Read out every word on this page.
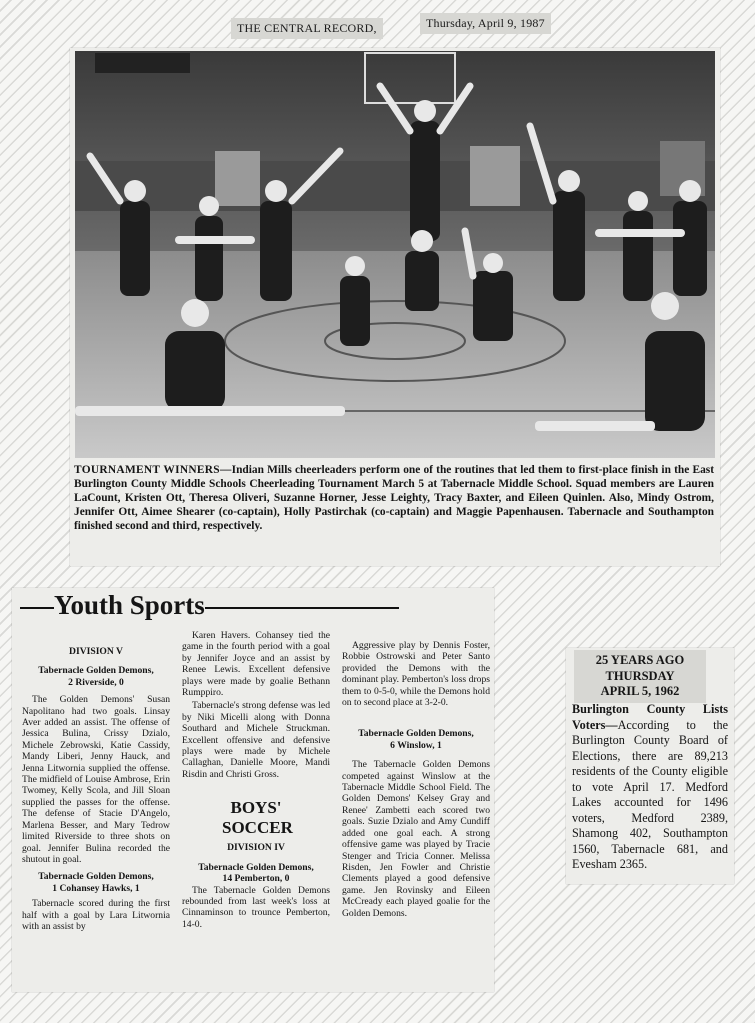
THE CENTRAL RECORD,	Thursday, April 9, 1987
TOURNAMENT WINNERS—Indian Mills cheerleaders perform one of the routines that led them to first-place finish in the East Burlington County Middle Schools Cheerleading Tournament March 5 at Tabernacle Middle School. Squad members are Lauren LaCount, Kristen Ott, Theresa Oliveri, Suzanne Horner, Jesse Leighty, Tracy Baxter, and Eileen Quinlen. Also, Mindy Ostrom, Jennifer Ott, Aimee Shearer (co-captain), Holly Pastirchak (co-captain) and Maggie Papenhausen. Tabernacle and Southampton finished second and third, respectively.
Youth Sports

DIVISION V

Tabernacle Golden Demons, 2 Riverside, 0

The Golden Demons' Susan Napolitano had two goals. Linsay Aver added an assist. The offense of Jessica Bulina, Crissy Dzialo, Michele Zebrowski, Katie Cassidy, Mandy Liberi, Jenny Hauck, and Jenna Litwornia supplied the offense. The midfield of Louise Ambrose, Erin Twomey, Kelly Scola, and Jill Sloan supplied the passes for the offense. The defense of Stacie D'Angelo, Marlena Besser, and Mary Tedrow limited Riverside to three shots on goal. Jennifer Bulina recorded the shutout in goal.

Tabernacle Golden Demons, 1 Cohansey Hawks, 1

Tabernacle scored during the first half with a goal by Lara Litwornia with an assist by

Karen Havers. Cohansey tied the game in the fourth period with a goal by Jennifer Joyce and an assist by Renee Lewis. Excellent defensive plays were made by goalie Bethann Rumppiro.

Tabernacle's strong defense was led by Niki Micelli along with Donna Southard and Michele Struckman. Excellent offensive and defensive plays were made by Michele Callaghan, Danielle Moore, Mandi Risdin and Christi Gross.

BOYS' SOCCER

DIVISION IV

Tabernacle Golden Demons, 14 Pemberton, 0

The Tabernacle Golden Demons rebounded from last week's loss at Cinnaminson to trounce Pemberton, 14-0.

Aggressive play by Dennis Foster, Robbie Ostrowski and Peter Santo provided the Demons with the dominant play. Pemberton's loss drops them to 0-5-0, while the Demons hold on to second place at 3-2-0.

Tabernacle Golden Demons, 6 Winslow, 1

The Tabernacle Golden Demons competed against Winslow at the Tabernacle Middle School Field. The Golden Demons' Kelsey Gray and Renee' Zambetti each scored two goals. Suzie Dzialo and Amy Cundiff added one goal each. A strong offensive game was played by Tracie Stenger and Tricia Conner. Melissa Risden, Jen Fowler and Christie Clements played a good defensive game. Jen Rovinsky and Eileen McCready each played goalie for the Golden Demons.

25 YEARS AGO
THURSDAY
APRIL 5, 1962
Burlington County Lists Voters—According to the Burlington County Board of Elections, there are 89,213 residents of the County eligible to vote April 17. Medford Lakes accounted for 1496 voters, Medford 2389, Shamong 402, Southampton 1560, Tabernacle 681, and Evesham 2365.
